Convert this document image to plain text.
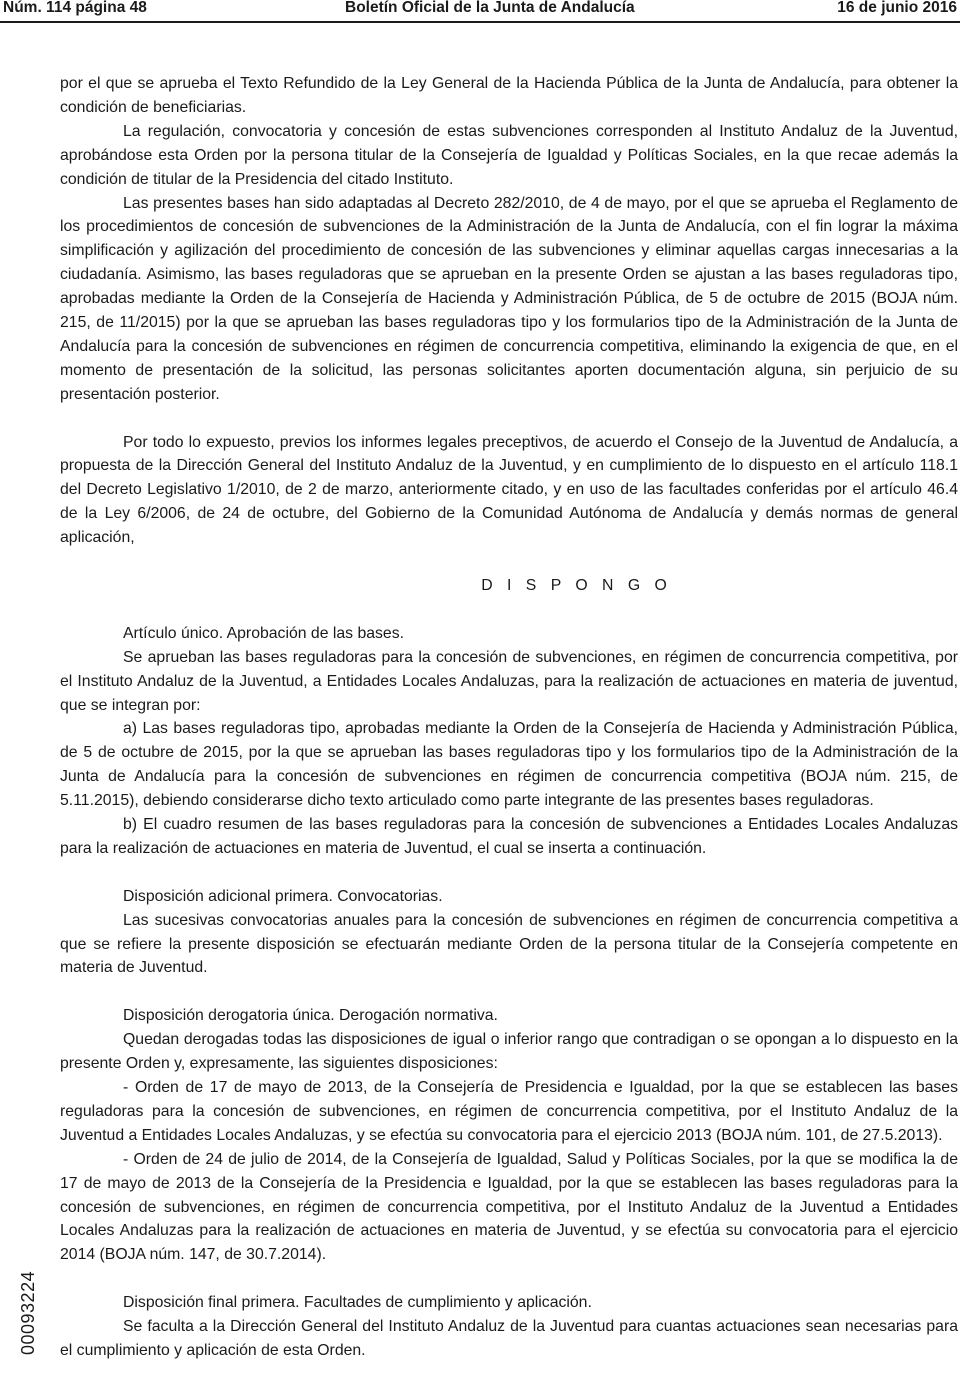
Núm. 114 página 48	Boletín Oficial de la Junta de Andalucía	16 de junio 2016

por el que se aprueba el Texto Refundido de la Ley General de la Hacienda Pública de la Junta de Andalucía, para obtener la condición de beneficiarias.

La regulación, convocatoria y concesión de estas subvenciones corresponden al Instituto Andaluz de la Juventud, aprobándose esta Orden por la persona titular de la Consejería de Igualdad y Políticas Sociales, en la que recae además la condición de titular de la Presidencia del citado Instituto.

Las presentes bases han sido adaptadas al Decreto 282/2010, de 4 de mayo, por el que se aprueba el Reglamento de los procedimientos de concesión de subvenciones de la Administración de la Junta de Andalucía, con el fin lograr la máxima simplificación y agilización del procedimiento de concesión de las subvenciones y eliminar aquellas cargas innecesarias a la ciudadanía. Asimismo, las bases reguladoras que se aprueban en la presente Orden se ajustan a las bases reguladoras tipo, aprobadas mediante la Orden de la Consejería de Hacienda y Administración Pública, de 5 de octubre de 2015 (BOJA núm. 215, de 11/2015) por la que se aprueban las bases reguladoras tipo y los formularios tipo de la Administración de la Junta de Andalucía para la concesión de subvenciones en régimen de concurrencia competitiva, eliminando la exigencia de que, en el momento de presentación de la solicitud, las personas solicitantes aporten documentación alguna, sin perjuicio de su presentación posterior.

Por todo lo expuesto, previos los informes legales preceptivos, de acuerdo el Consejo de la Juventud de Andalucía, a propuesta de la Dirección General del Instituto Andaluz de la Juventud, y en cumplimiento de lo dispuesto en el artículo 118.1 del Decreto Legislativo 1/2010, de 2 de marzo, anteriormente citado, y en uso de las facultades conferidas por el artículo 46.4 de la Ley 6/2006, de 24 de octubre, del Gobierno de la Comunidad Autónoma de Andalucía y demás normas de general aplicación,

D I S P O N G O

Artículo único. Aprobación de las bases.

Se aprueban las bases reguladoras para la concesión de subvenciones, en régimen de concurrencia competitiva, por el Instituto Andaluz de la Juventud, a Entidades Locales Andaluzas, para la realización de actuaciones en materia de juventud, que se integran por:

a) Las bases reguladoras tipo, aprobadas mediante la Orden de la Consejería de Hacienda y Administración Pública, de 5 de octubre de 2015, por la que se aprueban las bases reguladoras tipo y los formularios tipo de la Administración de la Junta de Andalucía para la concesión de subvenciones en régimen de concurrencia competitiva (BOJA núm. 215, de 5.11.2015), debiendo considerarse dicho texto articulado como parte integrante de las presentes bases reguladoras.

b) El cuadro resumen de las bases reguladoras para la concesión de subvenciones a Entidades Locales Andaluzas para la realización de actuaciones en materia de Juventud, el cual se inserta a continuación.

Disposición adicional primera. Convocatorias.

Las sucesivas convocatorias anuales para la concesión de subvenciones en régimen de concurrencia competitiva a que se refiere la presente disposición se efectuarán mediante Orden de la persona titular de la Consejería competente en materia de Juventud.

Disposición derogatoria única. Derogación normativa.

Quedan derogadas todas las disposiciones de igual o inferior rango que contradigan o se opongan a lo dispuesto en la presente Orden y, expresamente, las siguientes disposiciones:

- Orden de 17 de mayo de 2013, de la Consejería de Presidencia e Igualdad, por la que se establecen las bases reguladoras para la concesión de subvenciones, en régimen de concurrencia competitiva, por el Instituto Andaluz de la Juventud a Entidades Locales Andaluzas, y se efectúa su convocatoria para el ejercicio 2013 (BOJA núm. 101, de 27.5.2013).

- Orden de 24 de julio de 2014, de la Consejería de Igualdad, Salud y Políticas Sociales, por la que se modifica la de 17 de mayo de 2013 de la Consejería de la Presidencia e Igualdad, por la que se establecen las bases reguladoras para la concesión de subvenciones, en régimen de concurrencia competitiva, por el Instituto Andaluz de la Juventud a Entidades Locales Andaluzas para la realización de actuaciones en materia de Juventud, y se efectúa su convocatoria para el ejercicio 2014 (BOJA núm. 147, de 30.7.2014).

Disposición final primera. Facultades de cumplimiento y aplicación.

Se faculta a la Dirección General del Instituto Andaluz de la Juventud para cuantas actuaciones sean necesarias para el cumplimiento y aplicación de esta Orden.

00093224
